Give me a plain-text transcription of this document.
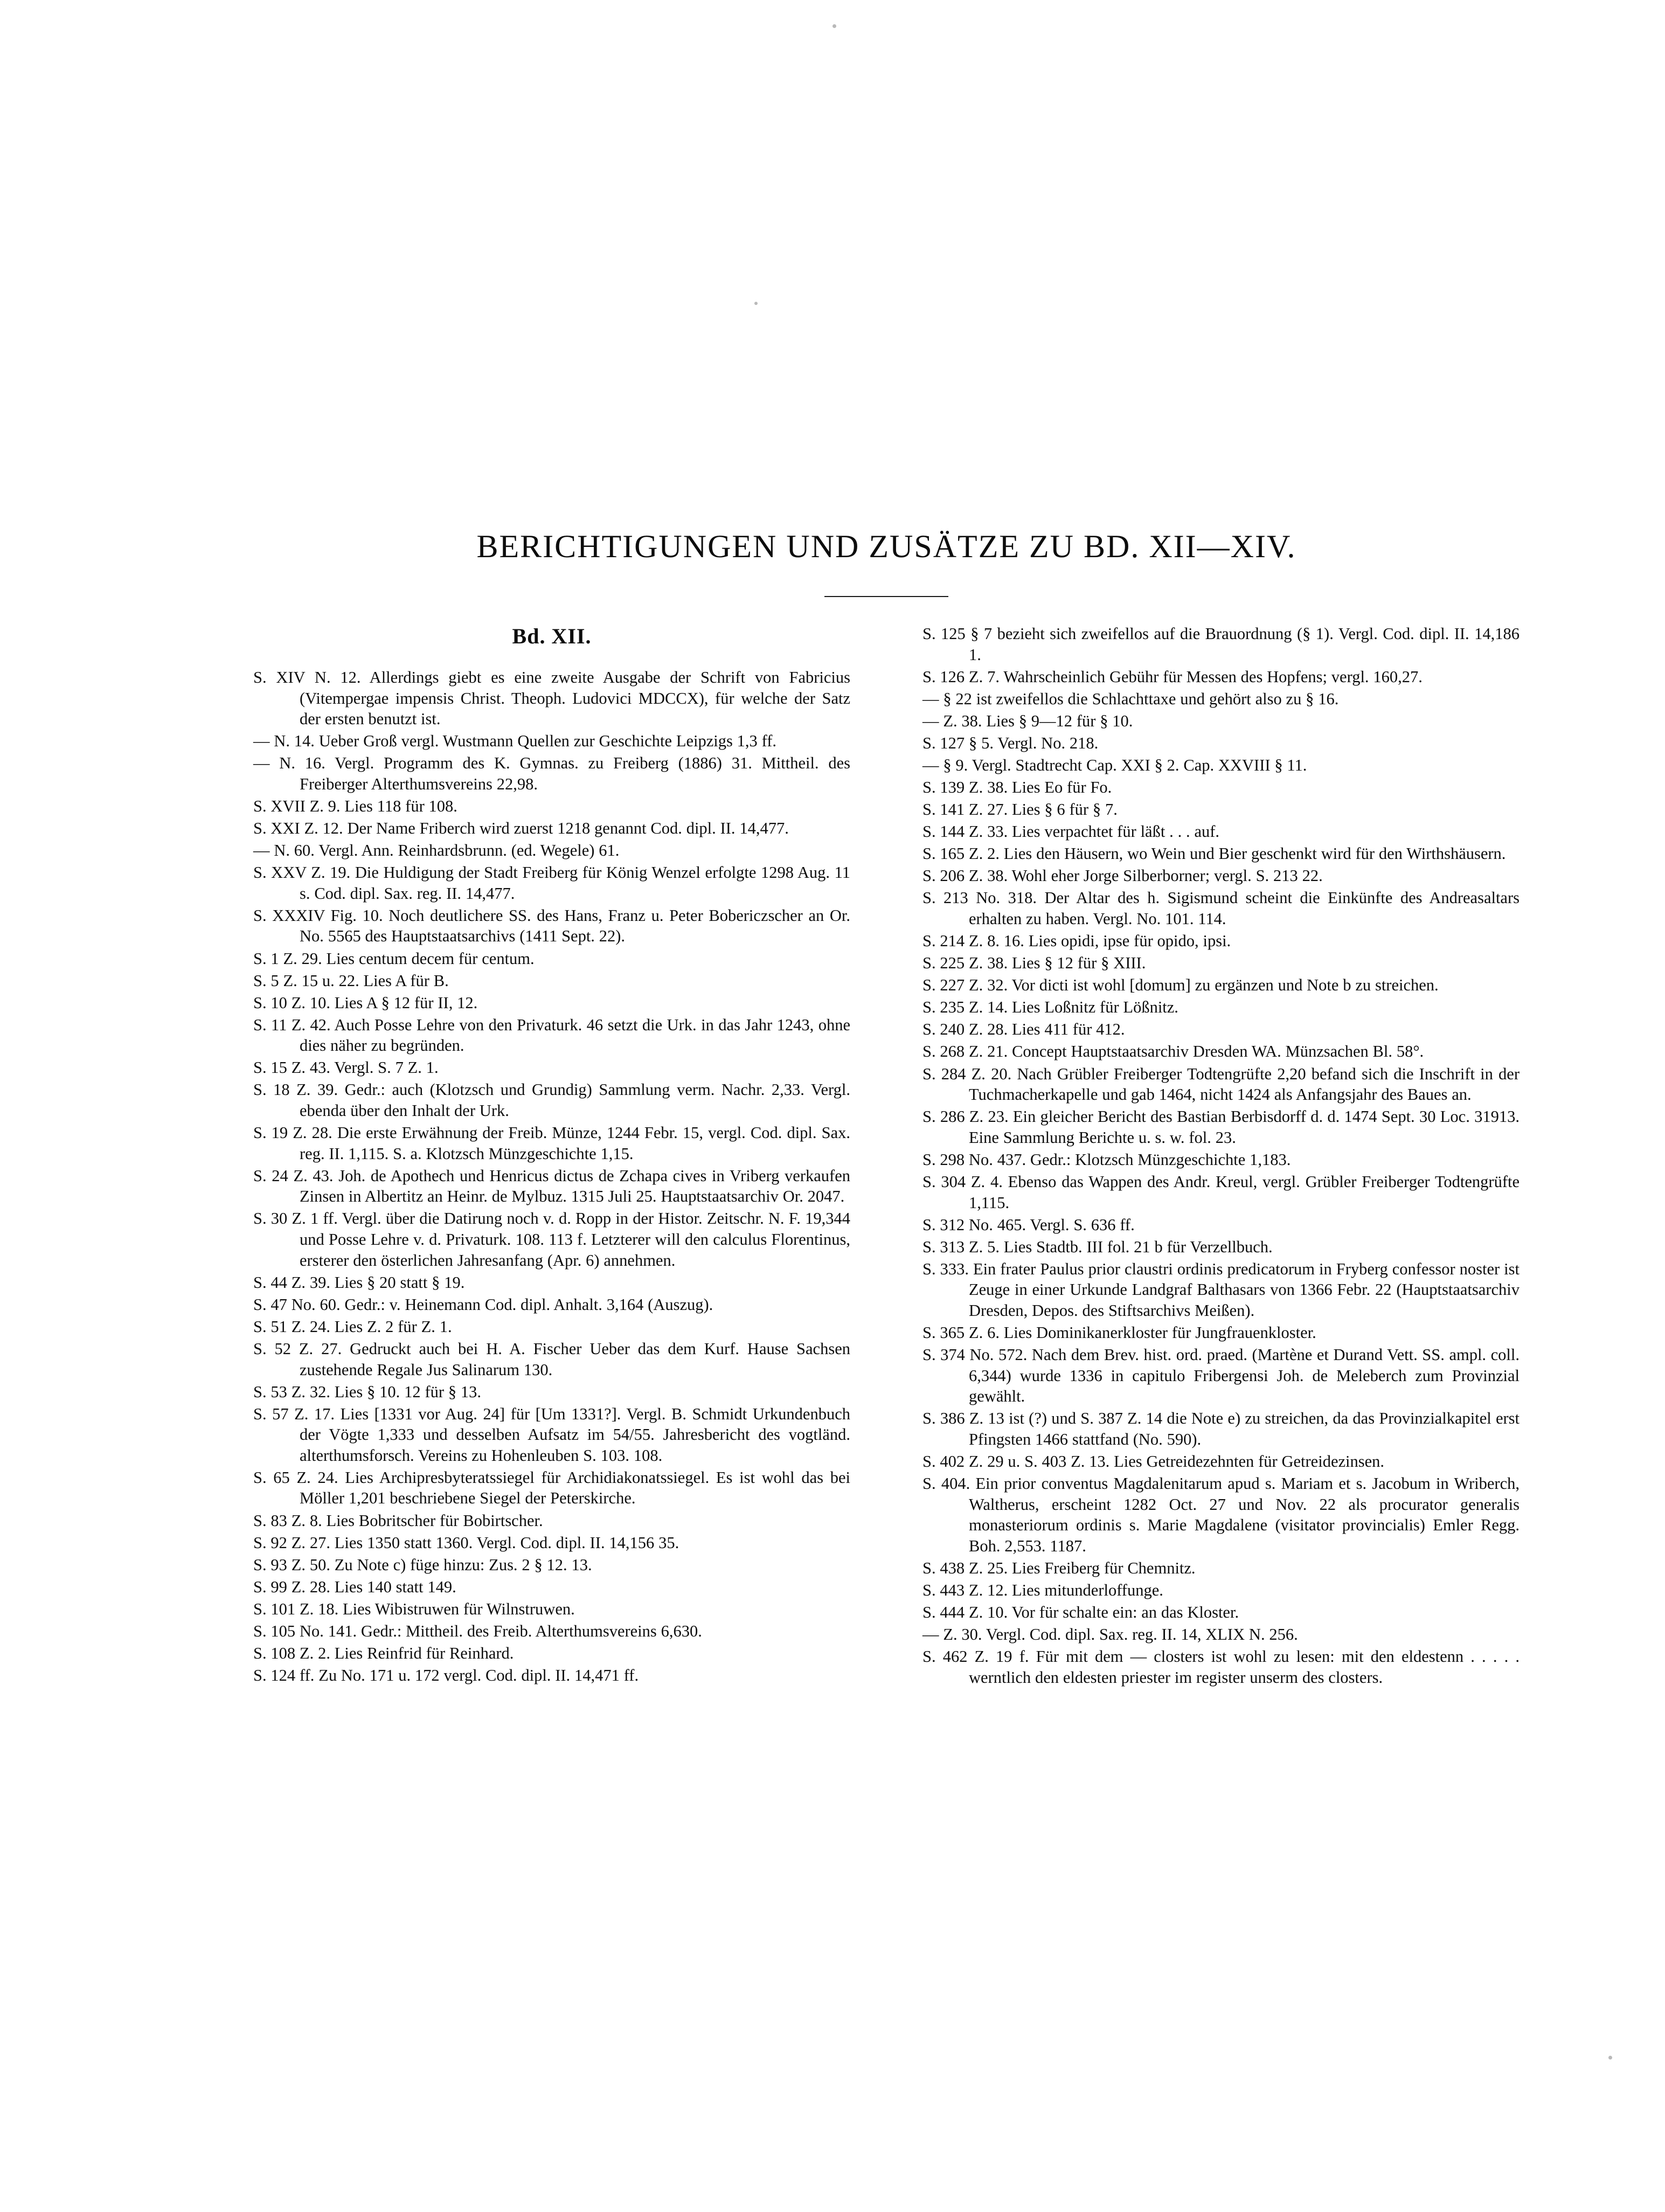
BERICHTIGUNGEN UND ZUSÄTZE ZU BD. XII—XIV.
Bd. XII.

S. XIV N. 12. Allerdings giebt es eine zweite Ausgabe der Schrift von Fabricius (Vitempergae impensis Christ. Theoph. Ludovici MDCCX), für welche der Satz der ersten benutzt ist.

— N. 14. Ueber Groß vergl. Wustmann Quellen zur Geschichte Leipzigs 1,3 ff.

— N. 16. Vergl. Programm des K. Gymnas. zu Freiberg (1886) 31. Mittheil. des Freiberger Alterthumsvereins 22,98.

S. XVII Z. 9. Lies 118 für 108.

S. XXI Z. 12. Der Name Friberch wird zuerst 1218 genannt Cod. dipl. II. 14,477.

— N. 60. Vergl. Ann. Reinhardsbrunn. (ed. Wegele) 61.

S. XXV Z. 19. Die Huldigung der Stadt Freiberg für König Wenzel erfolgte 1298 Aug. 11 s. Cod. dipl. Sax. reg. II. 14,477.

S. XXXIV Fig. 10. Noch deutlichere SS. des Hans, Franz u. Peter Bobericzscher an Or. No. 5565 des Hauptstaatsarchivs (1411 Sept. 22).

S. 1 Z. 29. Lies centum decem für centum.

S. 5 Z. 15 u. 22. Lies A für B.

S. 10 Z. 10. Lies A § 12 für II, 12.

S. 11 Z. 42. Auch Posse Lehre von den Privaturk. 46 setzt die Urk. in das Jahr 1243, ohne dies näher zu begründen.

S. 15 Z. 43. Vergl. S. 7 Z. 1.

S. 18 Z. 39. Gedr.: auch (Klotzsch und Grundig) Sammlung verm. Nachr. 2,33. Vergl. ebenda über den Inhalt der Urk.

S. 19 Z. 28. Die erste Erwähnung der Freib. Münze, 1244 Febr. 15, vergl. Cod. dipl. Sax. reg. II. 1,115. S. a. Klotzsch Münzgeschichte 1,15.

S. 24 Z. 43. Joh. de Apothech und Henricus dictus de Zchapa cives in Vriberg verkaufen Zinsen in Albertitz an Heinr. de Mylbuz. 1315 Juli 25. Hauptstaatsarchiv Or. 2047.

S. 30 Z. 1 ff. Vergl. über die Datirung noch v. d. Ropp in der Histor. Zeitschr. N. F. 19,344 und Posse Lehre v. d. Privaturk. 108. 113 f. Letzterer will den calculus Florentinus, ersterer den österlichen Jahresanfang (Apr. 6) annehmen.

S. 44 Z. 39. Lies § 20 statt § 19.

S. 47 No. 60. Gedr.: v. Heinemann Cod. dipl. Anhalt. 3,164 (Auszug).

S. 51 Z. 24. Lies Z. 2 für Z. 1.

S. 52 Z. 27. Gedruckt auch bei H. A. Fischer Ueber das dem Kurf. Hause Sachsen zustehende Regale Jus Salinarum 130.

S. 53 Z. 32. Lies § 10. 12 für § 13.

S. 57 Z. 17. Lies [1331 vor Aug. 24] für [Um 1331?]. Vergl. B. Schmidt Urkundenbuch der Vögte 1,333 und desselben Aufsatz im 54/55. Jahresbericht des vogtländ. alterthumsforsch. Vereins zu Hohenleuben S. 103. 108.

S. 65 Z. 24. Lies Archipresbyteratssiegel für Archidiakonatssiegel. Es ist wohl das bei Möller 1,201 beschriebene Siegel der Peterskirche.

S. 83 Z. 8. Lies Bobritscher für Bobirtscher.

S. 92 Z. 27. Lies 1350 statt 1360. Vergl. Cod. dipl. II. 14,156 35.

S. 93 Z. 50. Zu Note c) füge hinzu: Zus. 2 § 12. 13.

S. 99 Z. 28. Lies 140 statt 149.

S. 101 Z. 18. Lies Wibistruwen für Wilnstruwen.

S. 105 No. 141. Gedr.: Mittheil. des Freib. Alterthumsvereins 6,630.

S. 108 Z. 2. Lies Reinfrid für Reinhard.

S. 124 ff. Zu No. 171 u. 172 vergl. Cod. dipl. II. 14,471 ff.

S. 125 § 7 bezieht sich zweifellos auf die Brauordnung (§ 1). Vergl. Cod. dipl. II. 14,186 1.

S. 126 Z. 7. Wahrscheinlich Gebühr für Messen des Hopfens; vergl. 160,27.

— § 22 ist zweifellos die Schlachttaxe und gehört also zu § 16.

— Z. 38. Lies § 9—12 für § 10.

S. 127 § 5. Vergl. No. 218.

— § 9. Vergl. Stadtrecht Cap. XXI § 2. Cap. XXVIII § 11.

S. 139 Z. 38. Lies Eo für Fo.

S. 141 Z. 27. Lies § 6 für § 7.

S. 144 Z. 33. Lies verpachtet für läßt . . . auf.

S. 165 Z. 2. Lies den Häusern, wo Wein und Bier geschenkt wird für den Wirthshäusern.

S. 206 Z. 38. Wohl eher Jorge Silberborner; vergl. S. 213 22.

S. 213 No. 318. Der Altar des h. Sigismund scheint die Einkünfte des Andreasaltars erhalten zu haben. Vergl. No. 101. 114.

S. 214 Z. 8. 16. Lies opidi, ipse für opido, ipsi.

S. 225 Z. 38. Lies § 12 für § XIII.

S. 227 Z. 32. Vor dicti ist wohl [domum] zu ergänzen und Note b zu streichen.

S. 235 Z. 14. Lies Loßnitz für Lößnitz.

S. 240 Z. 28. Lies 411 für 412.

S. 268 Z. 21. Concept Hauptstaatsarchiv Dresden WA. Münzsachen Bl. 58°.

S. 284 Z. 20. Nach Grübler Freiberger Todtengrüfte 2,20 befand sich die Inschrift in der Tuchmacherkapelle und gab 1464, nicht 1424 als Anfangsjahr des Baues an.

S. 286 Z. 23. Ein gleicher Bericht des Bastian Berbisdorff d. d. 1474 Sept. 30 Loc. 31913. Eine Sammlung Berichte u. s. w. fol. 23.

S. 298 No. 437. Gedr.: Klotzsch Münzgeschichte 1,183.

S. 304 Z. 4. Ebenso das Wappen des Andr. Kreul, vergl. Grübler Freiberger Todtengrüfte 1,115.

S. 312 No. 465. Vergl. S. 636 ff.

S. 313 Z. 5. Lies Stadtb. III fol. 21 b für Verzellbuch.

S. 333. Ein frater Paulus prior claustri ordinis predicatorum in Fryberg confessor noster ist Zeuge in einer Urkunde Landgraf Balthasars von 1366 Febr. 22 (Hauptstaatsarchiv Dresden, Depos. des Stiftsarchivs Meißen).

S. 365 Z. 6. Lies Dominikanerkloster für Jungfrauenkloster.

S. 374 No. 572. Nach dem Brev. hist. ord. praed. (Martène et Durand Vett. SS. ampl. coll. 6,344) wurde 1336 in capitulo Fribergensi Joh. de Meleberch zum Provinzial gewählt.

S. 386 Z. 13 ist (?) und S. 387 Z. 14 die Note e) zu streichen, da das Provinzialkapitel erst Pfingsten 1466 stattfand (No. 590).

S. 402 Z. 29 u. S. 403 Z. 13. Lies Getreidezehnten für Getreidezinsen.

S. 404. Ein prior conventus Magdalenitarum apud s. Mariam et s. Jacobum in Wriberch, Waltherus, erscheint 1282 Oct. 27 und Nov. 22 als procurator generalis monasteriorum ordinis s. Marie Magdalene (visitator provincialis) Emler Regg. Boh. 2,553. 1187.

S. 438 Z. 25. Lies Freiberg für Chemnitz.

S. 443 Z. 12. Lies mitunderloffunge.

S. 444 Z. 10. Vor für schalte ein: an das Kloster.

— Z. 30. Vergl. Cod. dipl. Sax. reg. II. 14, XLIX N. 256.

S. 462 Z. 19 f. Für mit dem — closters ist wohl zu lesen: mit den eldestenn . . . . . werntlich den eldesten priester im register unserm des closters.
